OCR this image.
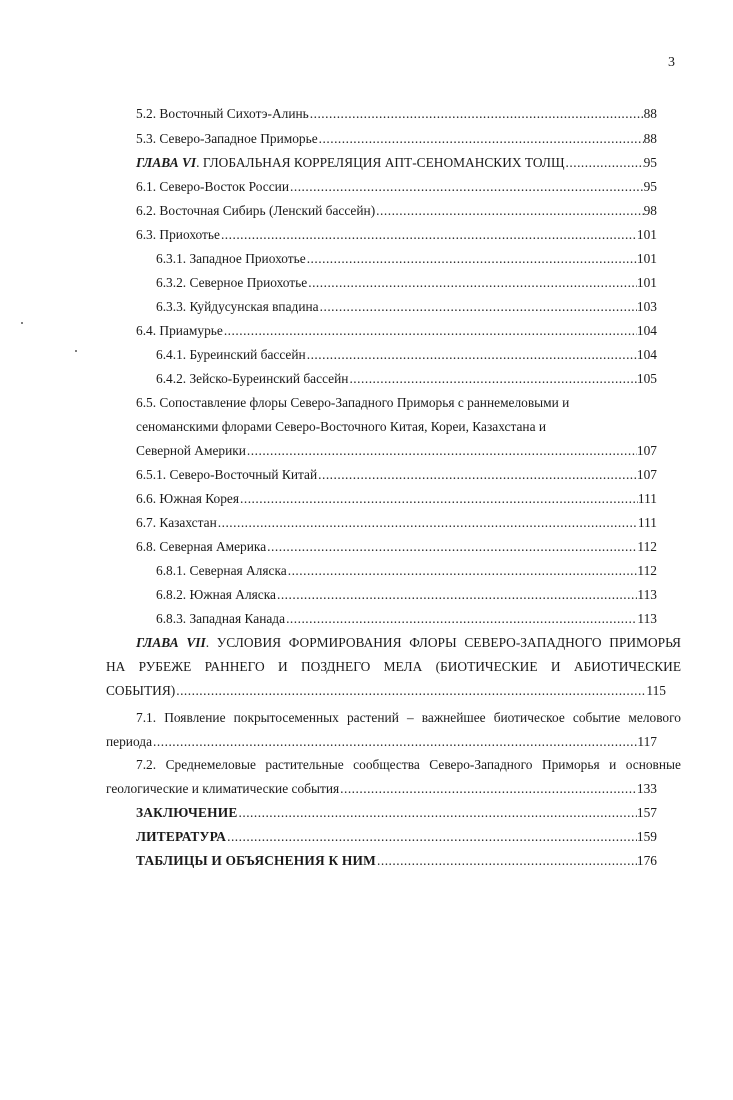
3
5.2. Восточный Сихотэ-Алинь .....	88
5.3. Северо-Западное Приморье .....	88
ГЛАВА VI. ГЛОБАЛЬНАЯ КОРРЕЛЯЦИЯ АПТ-СЕНОМАНСКИХ ТОЛЩ .....	95
6.1. Северо-Восток России .....	95
6.2. Восточная Сибирь (Ленский бассейн) .....	98
6.3. Приохотье .....	101
6.3.1. Западное Приохотье .....	101
6.3.2. Северное Приохотье .....	101
6.3.3. Куйдусунская впадина .....	103
6.4. Приамурье .....	104
6.4.1. Буреинский бассейн .....	104
6.4.2. Зейско-Буреинский бассейн .....	105
6.5. Сопоставление флоры Северо-Западного Приморья с раннемеловыми и
сеноманскими флорами Северо-Восточного Китая, Кореи, Казахстана и
Северной Америки .....	107
6.5.1. Северо-Восточный Китай .....	107
6.6. Южная Корея .....	111
6.7. Казахстан .....	111
6.8. Северная Америка .....	112
6.8.1. Северная Аляска .....	112
6.8.2. Южная Аляска .....	113
6.8.3. Западная Канада .....	113
ГЛАВА VII. УСЛОВИЯ ФОРМИРОВАНИЯ ФЛОРЫ СЕВЕРО-ЗАПАДНОГО ПРИМОРЬЯ
НА РУБЕЖЕ РАННЕГО И ПОЗДНЕГО МЕЛА (БИОТИЧЕСКИЕ И АБИОТИЧЕСКИЕ
СОБЫТИЯ) .....	115
7.1. Появление покрытосеменных растений – важнейшее биотическое событие мелового
периода .....	117
7.2. Среднемеловые растительные сообщества Северо-Западного Приморья и основные
геологические и климатические события .....	133
ЗАКЛЮЧЕНИЕ .....	157
ЛИТЕРАТУРА .....	159
ТАБЛИЦЫ И ОБЪЯСНЕНИЯ К НИМ .....	176
